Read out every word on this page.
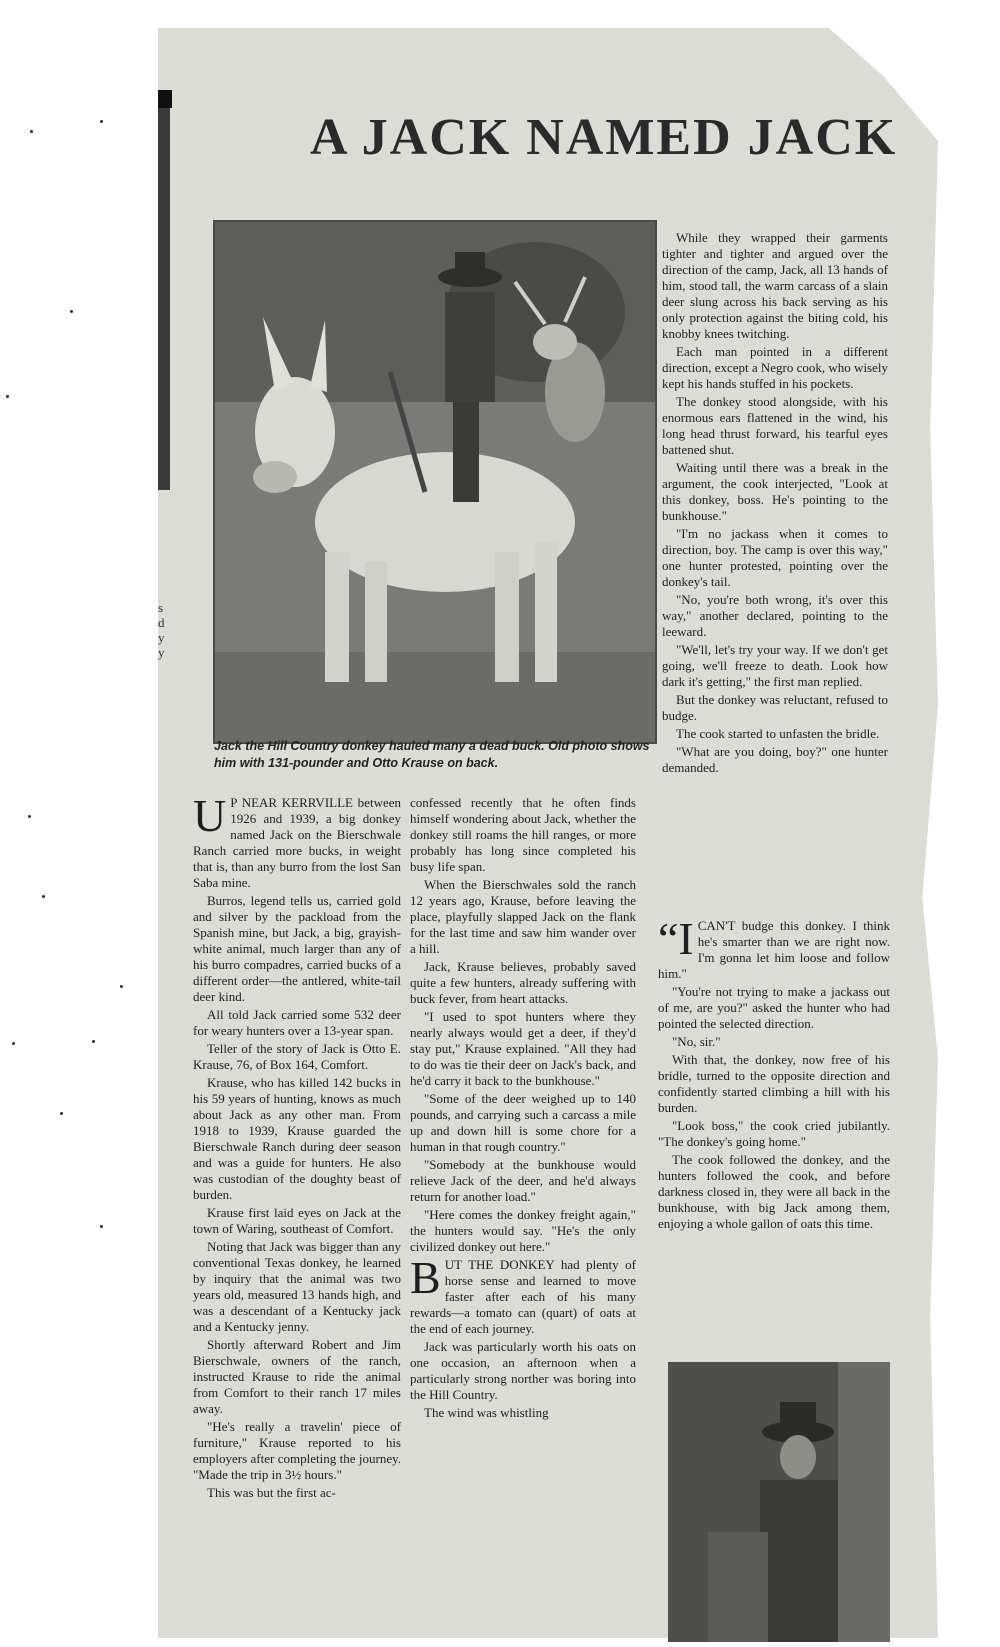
s
d
y
y
A JACK NAMED JACK
Jack the Hill Country donkey hauled many a dead buck. Old photo shows him with 131-pounder and Otto Krause on back.

U P NEAR KERRVILLE between 1926 and 1939, a big donkey named Jack on the Bierschwale Ranch carried more bucks, in weight that is, than any burro from the lost San Saba mine.

Burros, legend tells us, carried gold and silver by the packload from the Spanish mine, but Jack, a big, grayish-white animal, much larger than any of his burro compadres, carried bucks of a different order—the antlered, white-tail deer kind.

All told Jack carried some 532 deer for weary hunters over a 13-year span.

Teller of the story of Jack is Otto E. Krause, 76, of Box 164, Comfort.

Krause, who has killed 142 bucks in his 59 years of hunting, knows as much about Jack as any other man. From 1918 to 1939, Krause guarded the Bierschwale Ranch during deer season and was a guide for hunters. He also was custodian of the doughty beast of burden.

Krause first laid eyes on Jack at the town of Waring, southeast of Comfort.

Noting that Jack was bigger than any conventional Texas donkey, he learned by inquiry that the animal was two years old, measured 13 hands high, and was a descendant of a Kentucky jack and a Kentucky jenny.

Shortly afterward Robert and Jim Bierschwale, owners of the ranch, instructed Krause to ride the animal from Comfort to their ranch 17 miles away.

"He's really a travelin' piece of furniture," Krause reported to his employers after completing the journey. "Made the trip in 3½ hours."

This was but the first ac-

confessed recently that he often finds himself wondering about Jack, whether the donkey still roams the hill ranges, or more probably has long since completed his busy life span.

When the Bierschwales sold the ranch 12 years ago, Krause, before leaving the place, playfully slapped Jack on the flank for the last time and saw him wander over a hill.

Jack, Krause believes, probably saved quite a few hunters, already suffering with buck fever, from heart attacks.

"I used to spot hunters where they nearly always would get a deer, if they'd stay put," Krause explained. "All they had to do was tie their deer on Jack's back, and he'd carry it back to the bunkhouse."

"Some of the deer weighed up to 140 pounds, and carrying such a carcass a mile up and down hill is some chore for a human in that rough country."

"Somebody at the bunkhouse would relieve Jack of the deer, and he'd always return for another load."

"Here comes the donkey freight again," the hunters would say. "He's the only civilized donkey out here."

BUT THE DONKEY had plenty of horse sense and learned to move faster after each of his many rewards—a tomato can (quart) of oats at the end of each journey.

Jack was particularly worth his oats on one occasion, an afternoon when a particularly strong norther was boring into the Hill Country.

The wind was whistling

While they wrapped their garments tighter and tighter and argued over the direction of the camp, Jack, all 13 hands of him, stood tall, the warm carcass of a slain deer slung across his back serving as his only protection against the biting cold, his knobby knees twitching.

Each man pointed in a different direction, except a Negro cook, who wisely kept his hands stuffed in his pockets.

The donkey stood alongside, with his enormous ears flattened in the wind, his long head thrust forward, his tearful eyes battened shut.

Waiting until there was a break in the argument, the cook interjected, "Look at this donkey, boss. He's pointing to the bunkhouse."

"I'm no jackass when it comes to direction, boy. The camp is over this way," one hunter protested, pointing over the donkey's tail.

"No, you're both wrong, it's over this way," another declared, pointing to the leeward.

"We'll, let's try your way. If we don't get going, we'll freeze to death. Look how dark it's getting," the first man replied.

But the donkey was reluctant, refused to budge.

The cook started to unfasten the bridle.

"What are you doing, boy?" one hunter demanded.

“I CAN'T budge this donkey. I think he's smarter than we are right now. I'm gonna let him loose and follow him."

"You're not trying to make a jackass out of me, are you?" asked the hunter who had pointed the selected direction.

"No, sir."

With that, the donkey, now free of his bridle, turned to the opposite direction and confidently started climbing a hill with his burden.

"Look boss," the cook cried jubilantly. "The donkey's going home."

The cook followed the donkey, and the hunters followed the cook, and before darkness closed in, they were all back in the bunkhouse, with big Jack among them, enjoying a whole gallon of oats this time.
